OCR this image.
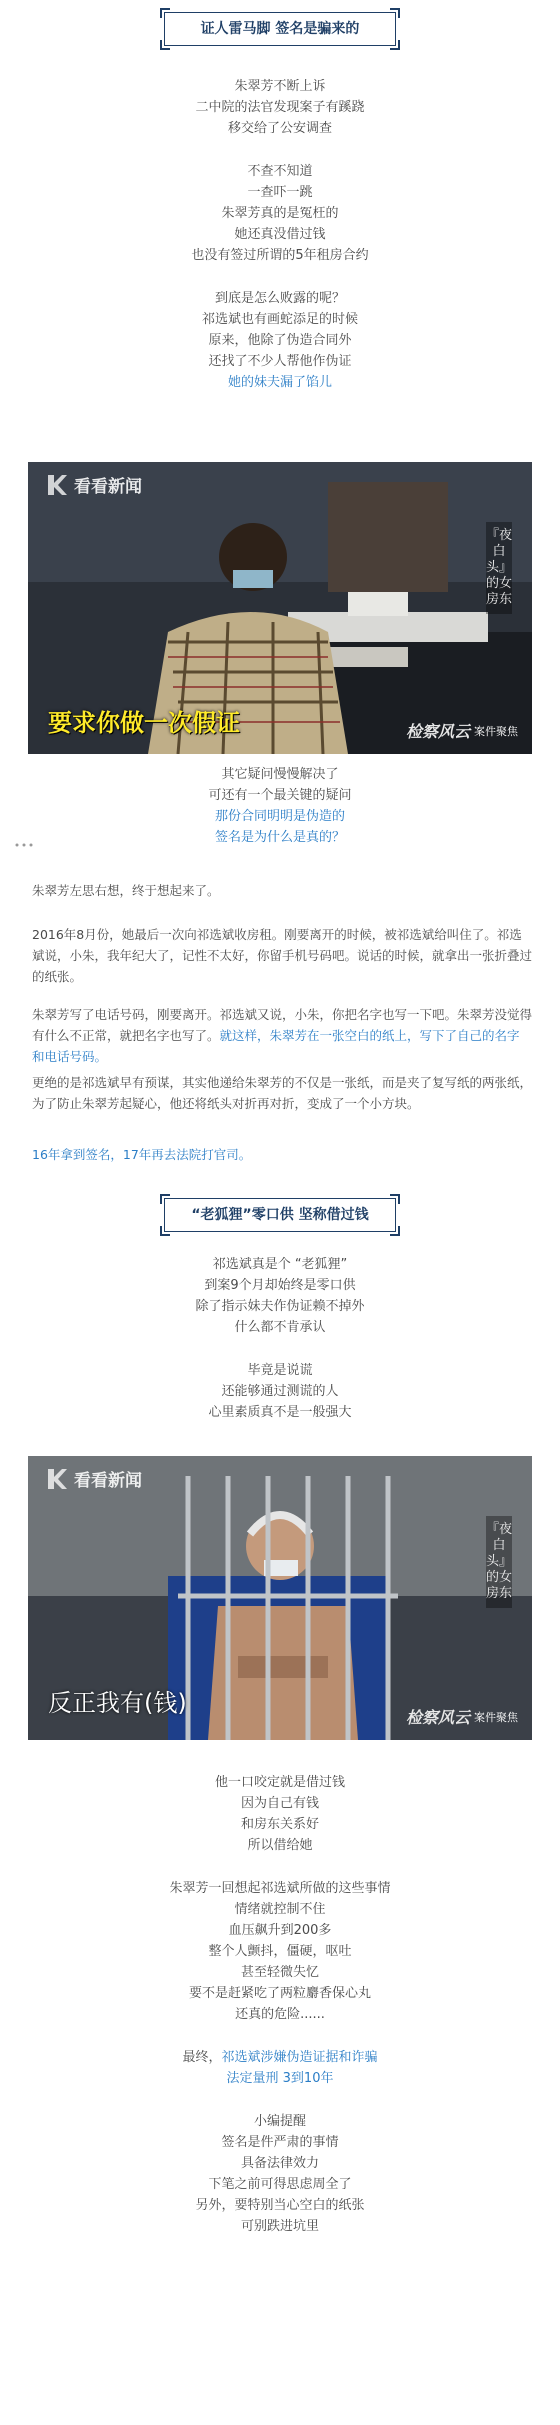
证人雷马脚 签名是骗来的
朱翠芳不断上诉
二中院的法官发现案子有蹊跷
移交给了公安调查
不查不知道
一查吓一跳
朱翠芳真的是冤枉的
她还真没借过钱
也没有签过所谓的5年租房合约
到底是怎么败露的呢？
祁选斌也有画蛇添足的时候
原来，他除了伪造合同外
还找了不少人帮他作伪证
她的妹夫漏了馅儿
看看新闻
『夜白头』的女房东
要求你做一次假证	检察风云 案件聚焦
其它疑问慢慢解决了
可还有一个最关键的疑问
那份合同明明是伪造的
签名是为什么是真的？
朱翠芳左思右想，终于想起来了。
2016年8月份，她最后一次向祁选斌收房租。刚要离开的时候，被祁选斌给叫住了。祁选斌说，小朱，我年纪大了，记性不太好，你留手机号码吧。说话的时候，就拿出一张折叠过的纸张。
朱翠芳写了电话号码，刚要离开。祁选斌又说，小朱，你把名字也写一下吧。朱翠芳没觉得有什么不正常，就把名字也写了。就这样，朱翠芳在一张空白的纸上，写下了自己的名字和电话号码。
更绝的是祁选斌早有预谋，其实他递给朱翠芳的不仅是一张纸，而是夹了复写纸的两张纸，为了防止朱翠芳起疑心，他还将纸头对折再对折，变成了一个小方块。
16年拿到签名，17年再去法院打官司。
“老狐狸”零口供 坚称借过钱
祁选斌真是个 “老狐狸”
到案9个月却始终是零口供
除了指示妹夫作伪证赖不掉外
什么都不肯承认
毕竟是说谎
还能够通过测谎的人
心里素质真不是一般强大
看看新闻
『夜白头』的女房东
反正我有(钱)
检察风云 案件聚焦
他一口咬定就是借过钱
因为自己有钱
和房东关系好
所以借给她
朱翠芳一回想起祁选斌所做的这些事情
情绪就控制不住
血压飙升到200多
整个人颤抖，僵硬，呕吐
甚至轻微失忆
要不是赶紧吃了两粒麝香保心丸
还真的危险......
最终，祁选斌涉嫌伪造证据和诈骗
法定量刑 3到10年
小编提醒
签名是件严肃的事情
具备法律效力
下笔之前可得思虑周全了
另外，要特别当心空白的纸张
可别跌进坑里
